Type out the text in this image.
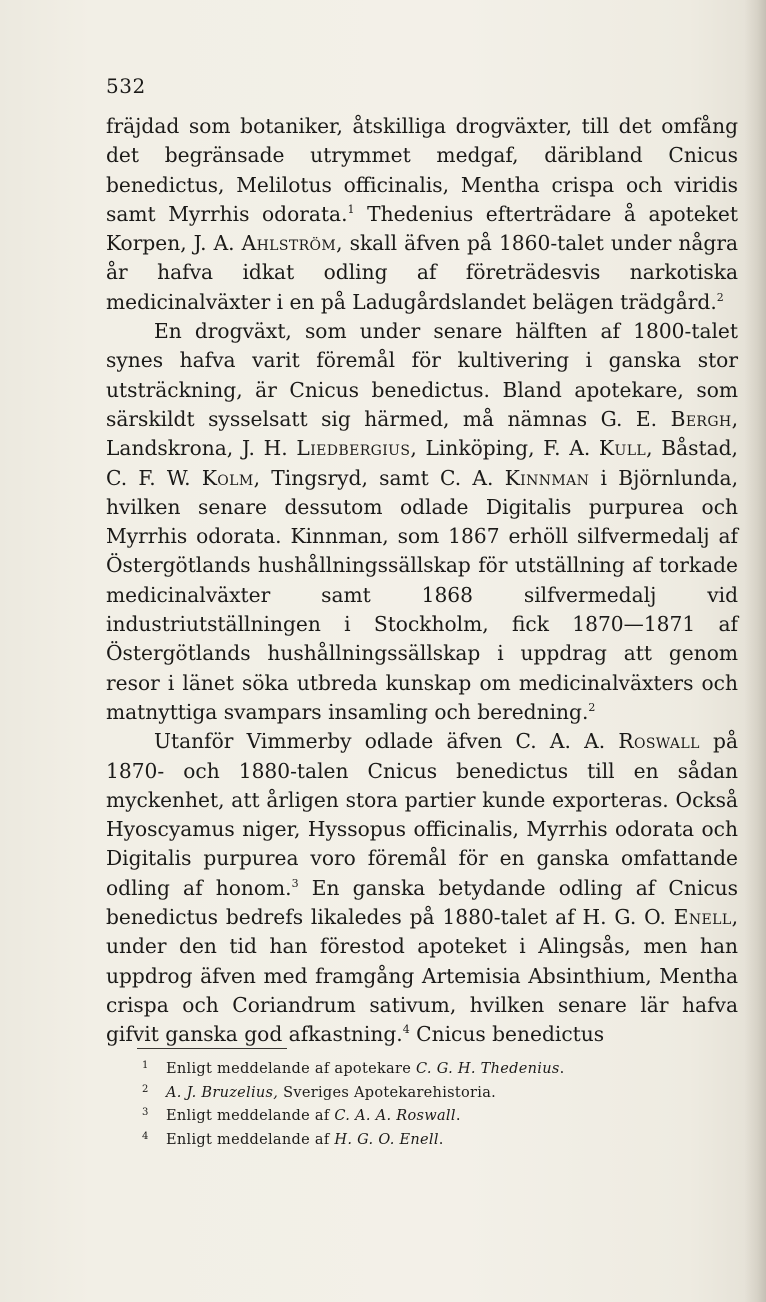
532

fräjdad som botaniker, åtskilliga drogväxter, till det omfång det begränsade utrymmet medgaf, däribland Cnicus benedictus, Melilotus officinalis, Mentha crispa och viridis samt Myrrhis odorata.$^1$ Thedenius efterträdare å apoteket Korpen, J. A. Ahlström, skall äfven på 1860-talet under några år hafva idkat odling af företrädesvis narkotiska medicinalväxter i en på Ladugårdslandet belägen trädgård.$^2$

En drogväxt, som under senare hälften af 1800-talet synes hafva varit föremål för kultivering i ganska stor utsträckning, är Cnicus benedictus. Bland apotekare, som särskildt sysselsatt sig härmed, må nämnas G. E. Bergh, Landskrona, J. H. Liedbergius, Linköping, F. A. Kull, Båstad, C. F. W. Kolm, Tingsryd, samt C. A. Kinnman i Björnlunda, hvilken senare dessutom odlade Digitalis purpurea och Myrrhis odorata. Kinnman, som 1867 erhöll silfvermedalj af Östergötlands hushållningssällskap för utställning af torkade medicinalväxter samt 1868 silfvermedalj vid industriutställningen i Stockholm, fick 1870—1871 af Östergötlands hushållningssällskap i uppdrag att genom resor i länet söka utbreda kunskap om medicinalväxters och matnyttiga svampars insamling och beredning.$^2$

Utanför Vimmerby odlade äfven C. A. A. Roswall på 1870- och 1880-talen Cnicus benedictus till en sådan myckenhet, att årligen stora partier kunde exporteras. Också Hyoscyamus niger, Hyssopus officinalis, Myrrhis odorata och Digitalis purpurea voro föremål för en ganska omfattande odling af honom.$^3$ En ganska betydande odling af Cnicus benedictus bedrefs likaledes på 1880-talet af H. G. O. Enell, under den tid han förestod apoteket i Alingsås, men han uppdrog äfven med framgång Artemisia Absinthium, Mentha crispa och Coriandrum sativum, hvilken senare lär hafva gifvit ganska god afkastning.$^4$ Cnicus benedictus

1 Enligt meddelande af apotekare C. G. H. Thedenius.
2 A. J. Bruzelius, Sveriges Apotekarehistoria.
3 Enligt meddelande af C. A. A. Roswall.
4 Enligt meddelande af H. G. O. Enell.
